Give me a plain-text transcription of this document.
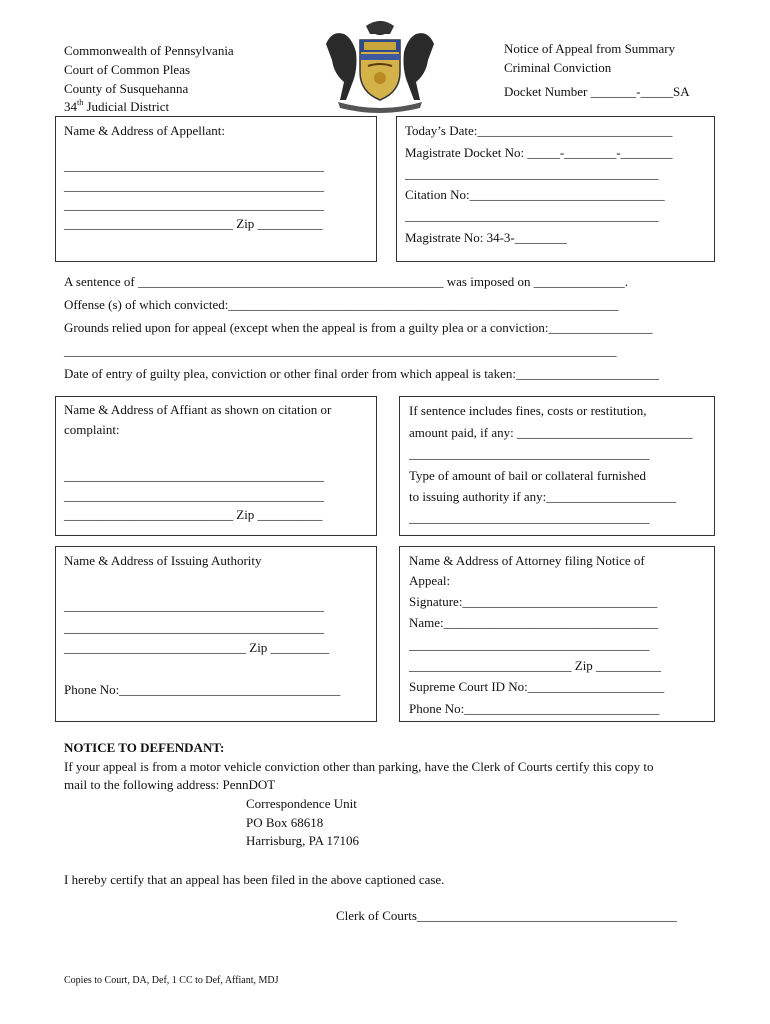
Commonwealth of Pennsylvania
Court of Common Pleas
County of Susquehanna
34th Judicial District
Notice of Appeal from Summary
Criminal Conviction
Docket Number _______-_____SA
Name & Address of Appellant:
________________________________________
________________________________________
________________________________________
__________________________ Zip __________
Today’s Date:______________________________
Magistrate Docket No: _____-________-________
_______________________________________
Citation No:______________________________
_______________________________________
Magistrate No: 34-3-________
A sentence of _______________________________________________ was imposed on ______________.
Offense (s) of which convicted:____________________________________________________________
Grounds relied upon for appeal (except when the appeal is from a guilty plea or a conviction:________________
_____________________________________________________________________________________
Date of entry of guilty plea, conviction or other final order from which appeal is taken:______________________
Name & Address of Affiant as shown on citation or
complaint:
________________________________________
________________________________________
__________________________ Zip __________
If sentence includes fines, costs or restitution,
amount paid, if any: ___________________________
_____________________________________
Type of amount of bail or collateral furnished
to issuing authority if any:____________________
_____________________________________
Name & Address of Issuing Authority
________________________________________
________________________________________
____________________________ Zip _________
Phone No:__________________________________
Name & Address of Attorney filing Notice of
Appeal:
Signature:______________________________
Name:_________________________________
_____________________________________
_________________________ Zip __________
Supreme Court ID No:_____________________
Phone No:______________________________
NOTICE TO DEFENDANT:
If your appeal is from a motor vehicle conviction other than parking, have the Clerk of Courts certify this copy to
mail to the following address: PennDOT
Correspondence Unit
PO Box 68618
Harrisburg, PA 17106
I hereby certify that an appeal has been filed in the above captioned case.
Clerk of Courts________________________________________
Copies to Court, DA, Def, 1 CC to Def, Affiant, MDJ
